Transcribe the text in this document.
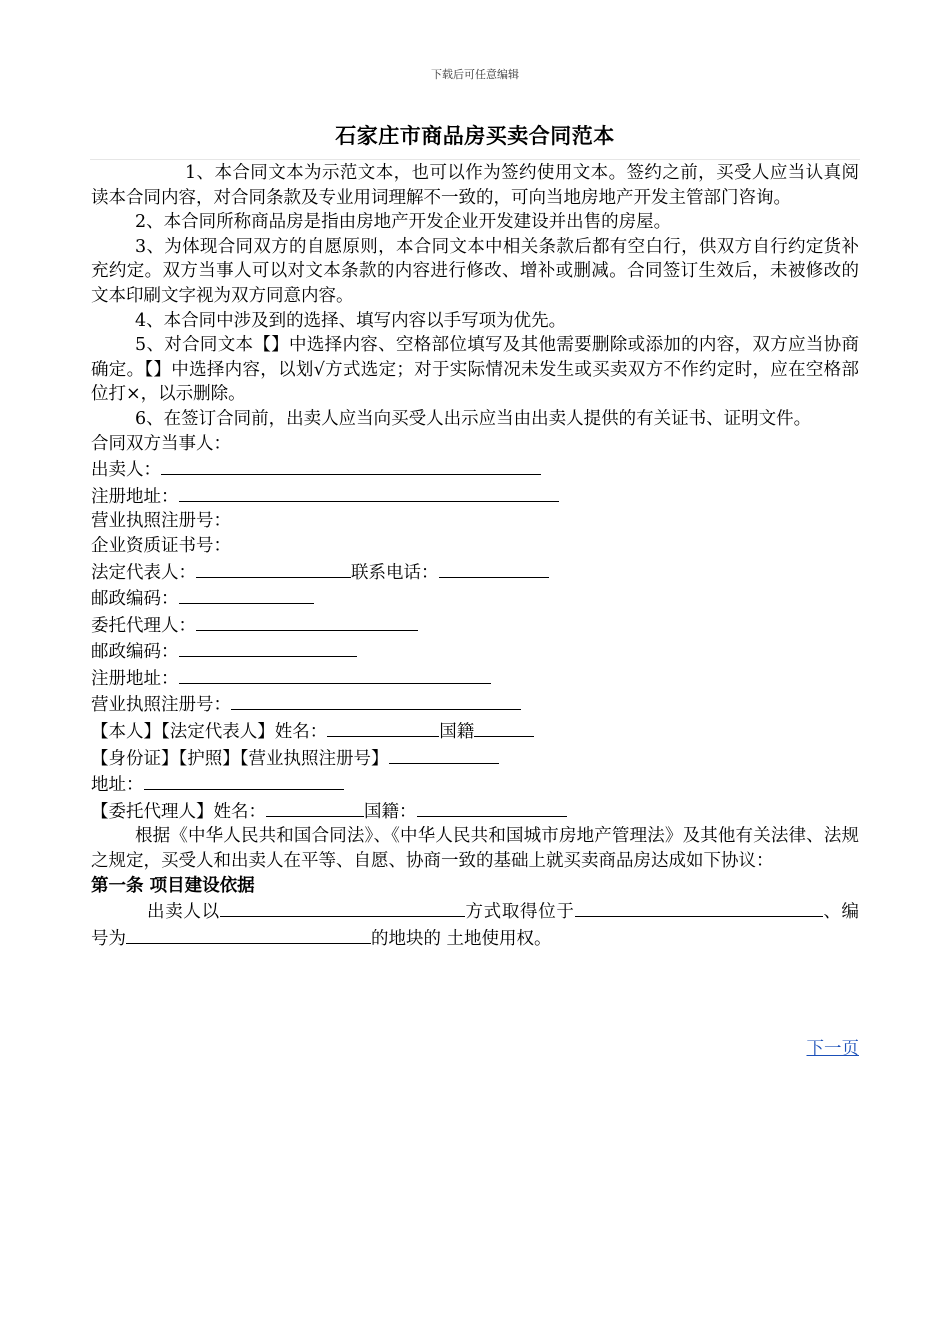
下载后可任意编辑
石家庄市商品房买卖合同范本

1、本合同文本为示范文本，也可以作为签约使用文本。签约之前，买受人应当认真阅读本合同内容，对合同条款及专业用词理解不一致的，可向当地房地产开发主管部门咨询。

2、本合同所称商品房是指由房地产开发企业开发建设并出售的房屋。

3、为体现合同双方的自愿原则，本合同文本中相关条款后都有空白行，供双方自行约定货补充约定。双方当事人可以对文本条款的内容进行修改、增补或删减。合同签订生效后，未被修改的文本印刷文字视为双方同意内容。

4、本合同中涉及到的选择、填写内容以手写项为优先。

5、对合同文本【】中选择内容、空格部位填写及其他需要删除或添加的内容，双方应当协商确定。【】中选择内容，以划√方式选定；对于实际情况未发生或买卖双方不作约定时，应在空格部位打×，以示删除。

6、在签订合同前，出卖人应当向买受人出示应当由出卖人提供的有关证书、证明文件。

合同双方当事人：

出卖人：

注册地址：

营业执照注册号：

企业资质证书号：

法定代表人：	联系电话：

邮政编码：

委托代理人：

邮政编码：

注册地址：

营业执照注册号：

【本人】【法定代表人】姓名：	国籍

【身份证】【护照】【营业执照注册号】

地址：

【委托代理人】姓名：	国籍：

根据《中华人民共和国合同法》、《中华人民共和国城市房地产管理法》及其他有关法律、法规之规定，买受人和出卖人在平等、自愿、协商一致的基础上就买卖商品房达成如下协议：

第一条 项目建设依据

出卖人以	方式取得位于	、编号为	的地块的 土地使用权。

下一页
